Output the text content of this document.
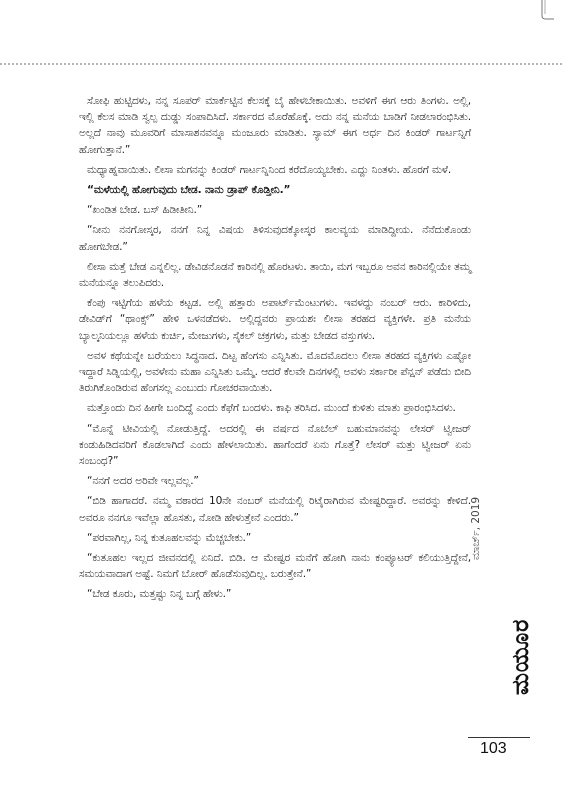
ಸೋಫಿ ಹುಟ್ಟಿದಳು, ನನ್ನ ಸೂಪರ್ ಮಾರ್ಕೆಟ್ಟಿನ ಕೆಲಸಕ್ಕೆ ಬೈ ಹೇಳಬೇಕಾಯಿತು. ಅವಳಿಗೆ ಈಗ ಆರು ತಿಂಗಳು. ಅಲ್ಲಿ, ಇಲ್ಲಿ ಕೆಲಸ ಮಾಡಿ ಸ್ವಲ್ಪ ದುಡ್ಡು ಸಂಪಾದಿಸಿದೆ. ಸರ್ಕಾರದ ಮೊರೆಹೊಕ್ಕೆ. ಅದು ನನ್ನ ಮನೆಯ ಬಾಡಿಗೆ ನೀಡಲಾರಂಭಿಸಿತು. ಅಲ್ಲದೆ ನಾವು ಮೂವರಿಗೆ ಮಾಸಾಶನವನ್ನೂ ಮಂಜೂರು ಮಾಡಿತು. ಸ್ಯಾಮ್ ಈಗ ಅರ್ಧ ದಿನ ಕಿಂಡರ್ ಗಾರ್ಟನ್ನಿಗೆ ಹೋಗುತ್ತಾನೆ.”

ಮಧ್ಯಾಹ್ನವಾಯಿತು. ಲೀಸಾ ಮಗನನ್ನು ಕಿಂಡರ್ ಗಾರ್ಟನ್ನಿನಿಂದ ಕರೆದೊಯ್ಯಬೇಕು. ಎದ್ದು ನಿಂತಳು. ಹೊರಗೆ ಮಳೆ.

“ಮಳೆಯಲ್ಲಿ ಹೋಗುವುದು ಬೇಡ. ನಾನು ಡ್ರಾಪ್ ಕೊಡ್ತೀನಿ.”

“ಖಂಡಿತ ಬೇಡ. ಬಸ್ ಹಿಡೀತೀನಿ.”

“ನೀನು ನನಗೋಸ್ಕರ, ನನಗೆ ನಿನ್ನ ವಿಷಯ ತಿಳಿಸುವುದಕ್ಕೋಸ್ಕರ ಕಾಲವ್ಯಯ ಮಾಡಿದ್ದೀಯ. ನೆನೆದುಕೊಂಡು ಹೋಗಬೇಡ.”

ಲೀಸಾ ಮತ್ತೆ ಬೇಡ ಎನ್ನಲಿಲ್ಲ. ಡೇವಿಡನೊಡನೆ ಕಾರಿನಲ್ಲಿ ಹೊರಟಳು. ತಾಯಿ, ಮಗ ಇಬ್ಬರೂ ಅವನ ಕಾರಿನಲ್ಲಿಯೇ ತಮ್ಮ ಮನೆಯನ್ನೂ ತಲುಪಿದರು.

ಕೆಂಪು ಇಟ್ಟಿಗೆಯ ಹಳೆಯ ಕಟ್ಟಡ. ಅಲ್ಲಿ ಹತ್ತಾರು ಅಪಾರ್ಟ್‌ಮೆಂಟುಗಳು. ಇವಳದ್ದು ನಂಬರ್ ಆರು. ಕಾರಿಳಿದು, ಡೇವಿಡ್‌ಗೆ “ಥಾಂಕ್ಸ್” ಹೇಳಿ ಒಳನಡೆದಳು. ಅಲ್ಲಿದ್ದವರು ಪ್ರಾಯಶಃ ಲೀಸಾ ತರಹದ ವ್ಯಕ್ತಿಗಳೇ. ಪ್ರತಿ ಮನೆಯ ಬ್ಯಾಲ್ಕನಿಯಲ್ಲೂ ಹಳೆಯ ಕುರ್ಚಿ, ಮೇಜುಗಳು, ಸೈಕಲ್ ಚಕ್ರಗಳು, ಮತ್ತು ಬೇಡದ ವಸ್ತುಗಳು.

ಅವಳ ಕಥೆಯನ್ನೇ ಬರೆಯಲು ಸಿದ್ಧನಾದ. ದಿಟ್ಟ ಹೆಂಗಸು ಎನ್ನಿಸಿತು. ಮೊದಮೊದಲು ಲೀಸಾ ತರಹದ ವ್ಯಕ್ತಿಗಳು ಎಷ್ಟೋ ಇದ್ದಾರೆ ಸಿಡ್ನಿಯಲ್ಲಿ, ಅವಳೇನು ಮಹಾ ಎನ್ನಿಸಿತು ಒಮ್ಮೆ. ಆದರೆ ಕೆಲವೇ ದಿನಗಳಲ್ಲಿ ಅವಳು ಸರ್ಕಾರೀ ಪೆನ್ಷನ್ ಪಡೆದು ಬೀದಿ ತಿರುಗಿಕೊಂಡಿರುವ ಹೆಂಗಸಲ್ಲ ಎಂಬುದು ಗೋಚರವಾಯಿತು.

ಮತ್ತೊಂದು ದಿನ ಹೀಗೇ ಬಂದಿದ್ದೆ ಎಂದು ಕೆಫೆಗೆ ಬಂದಳು. ಕಾಫಿ ತರಿಸಿದ. ಮುಂದೆ ಕುಳಿತು ಮಾತು ಪ್ರಾರಂಭಿಸಿದಳು.

“ಮೊನ್ನೆ ಟೀವಿಯಲ್ಲಿ ನೋಡುತ್ತಿದ್ದೆ. ಅದರಲ್ಲಿ ಈ ವರ್ಷದ ನೊಬೆಲ್ ಬಹುಮಾನವನ್ನು ಲೇಸರ್ ಟ್ವೀಜರ್ ಕಂಡುಹಿಡಿದವರಿಗೆ ಕೊಡಲಾಗಿದೆ ಎಂದು ಹೇಳಲಾಯಿತು. ಹಾಗೆಂದರೆ ಏನು ಗೊತ್ತೆ? ಲೇಸರ್ ಮತ್ತು ಟ್ವೀಜರ್ ಏನು ಸಂಬಂಧ?”

“ನನಗೆ ಅದರ ಅರಿವೇ ಇಲ್ಲವಲ್ಲ.”

“ಬಿಡಿ ಹಾಗಾದರೆ. ನಮ್ಮ ವಠಾರದ 10ನೇ ನಂಬರ್ ಮನೆಯಲ್ಲಿ ರಿಟೈರಾಗಿರುವ ಮೇಷ್ಟರಿದ್ದಾರೆ. ಅವರನ್ನು ಕೇಳಿದೆ. ಅವರೂ ನನಗೂ ಇವೆಲ್ಲಾ ಹೊಸತು, ನೋಡಿ ಹೇಳುತ್ತೇನೆ ಎಂದರು.”

“ಪರವಾಗಿಲ್ಲ, ನಿನ್ನ ಕುತೂಹಲವನ್ನು ಮೆಚ್ಚಬೇಕು.”

“ಕುತೂಹಲ ಇಲ್ಲದ ಜೀವನದಲ್ಲಿ ಏನಿದೆ. ಬಿಡಿ. ಆ ಮೇಷ್ಟರ ಮನೆಗೆ ಹೋಗಿ ನಾನು ಕಂಪ್ಯೂಟರ್ ಕಲಿಯುತ್ತಿದ್ದೇನೆ, ಸಮಯವಾದಾಗ ಅಷ್ಟೆ. ನಿಮಗೆ ಬೋರ್ ಹೊಡೆಸುವುದಿಲ್ಲ. ಬರುತ್ತೇನೆ.”

“ಬೇಡ ಕೂರು, ಮತ್ತಷ್ಟು ನಿನ್ನ ಬಗ್ಗೆ ಹೇಳು.”

ಮಾರ್ಚ್, 2019
ಮಯೂರ
103
